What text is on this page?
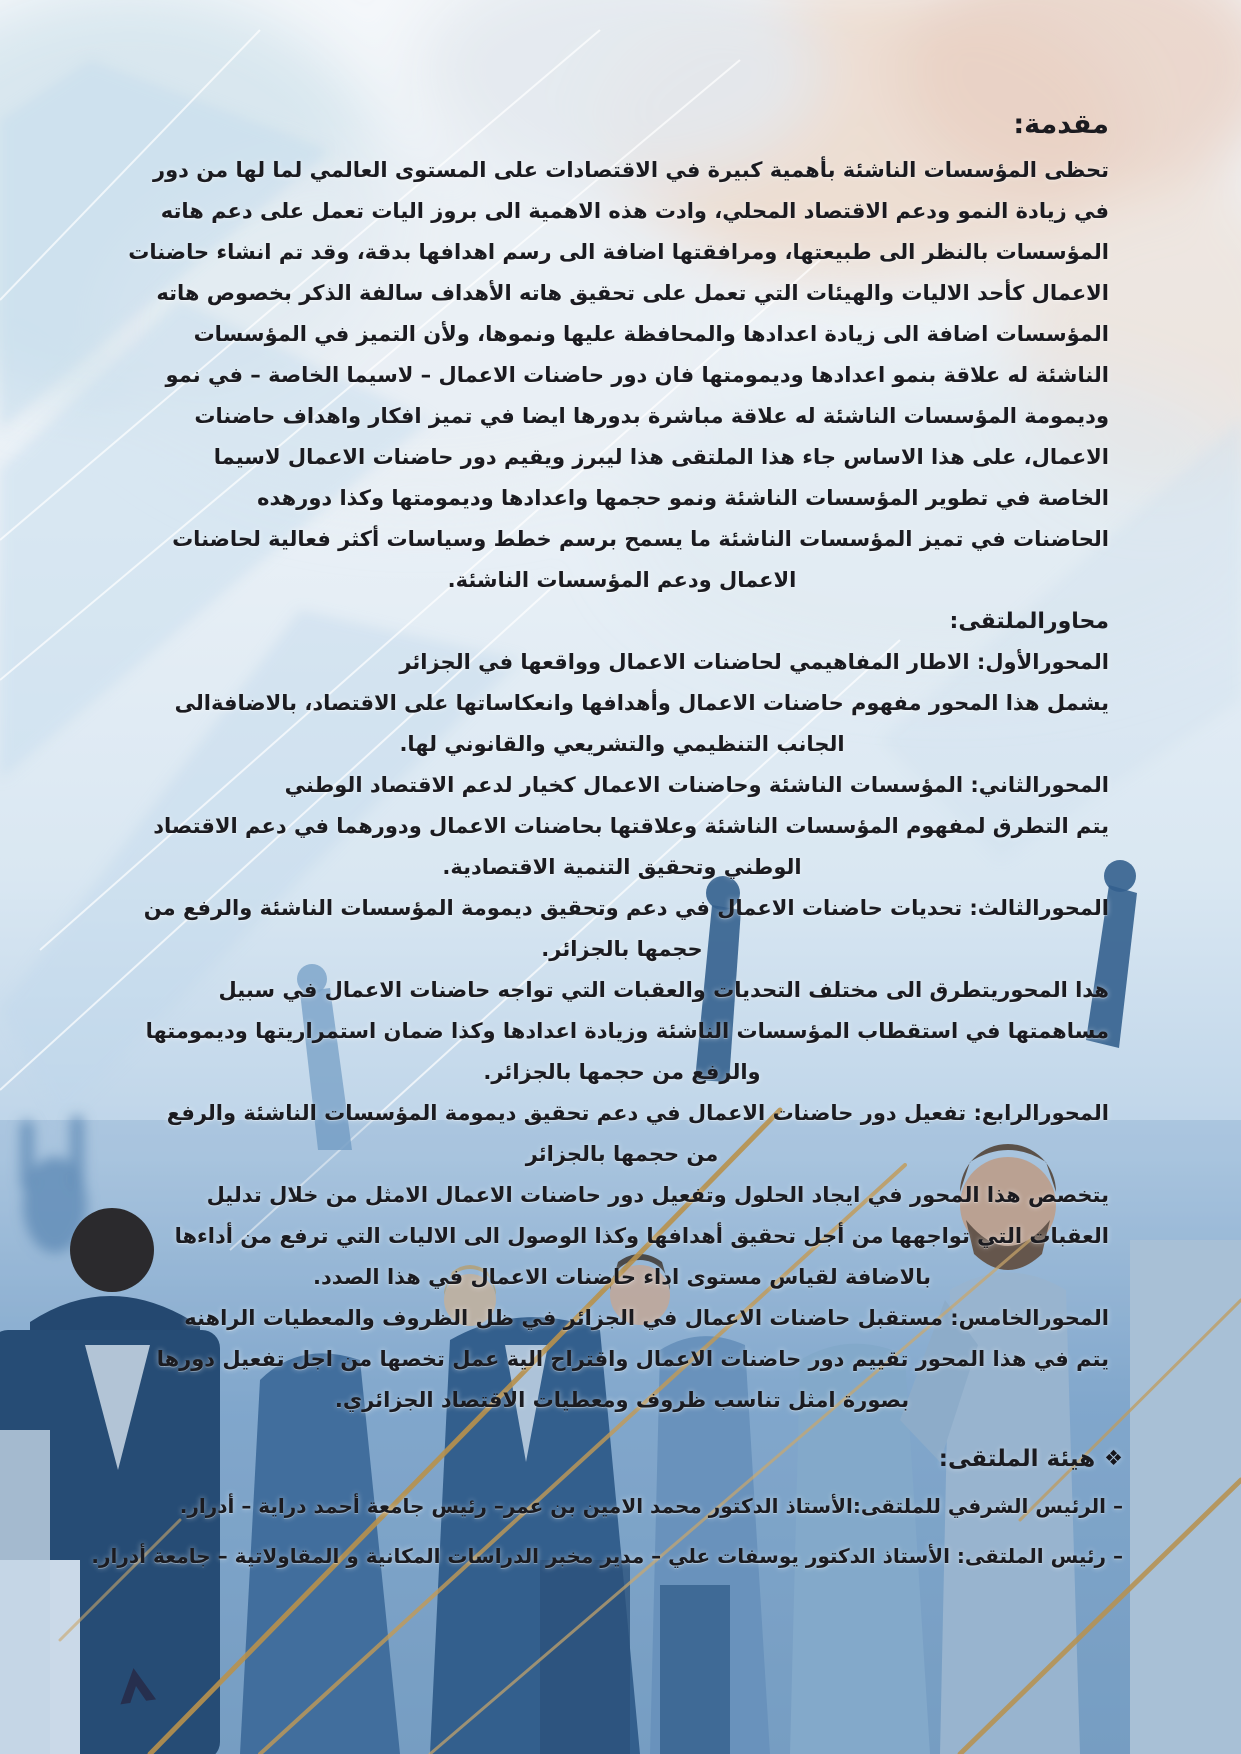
مقدمة:
تحظى المؤسسات الناشئة بأهمية كبيرة في الاقتصادات على المستوى العالمي لما لها من دور
في زيادة النمو ودعم الاقتصاد المحلي، وادت هذه الاهمية الى بروز اليات تعمل على دعم هاته
المؤسسات بالنظر الى طبيعتها، ومرافقتها اضافة الى رسم اهدافها بدقة، وقد تم انشاء حاضنات
الاعمال كأحد الاليات والهيئات التي تعمل على تحقيق هاته الأهداف سالفة الذكر بخصوص هاته
المؤسسات اضافة الى زيادة اعدادها والمحافظة عليها ونموها، ولأن التميز في المؤسسات
الناشئة له علاقة بنمو اعدادها وديمومتها فان دور حاضنات الاعمال – لاسيما الخاصة – في نمو
وديمومة المؤسسات الناشئة له علاقة مباشرة بدورها ايضا في تميز افكار واهداف حاضنات
الاعمال، على هذا الاساس جاء هذا الملتقى هذا ليبرز ويقيم دور حاضنات الاعمال لاسيما
الخاصة في تطوير المؤسسات الناشئة ونمو حجمها واعدادها وديمومتها وكذا دورهده
الحاضنات في تميز المؤسسات الناشئة ما يسمح برسم خطط وسياسات أكثر فعالية لحاضنات
الاعمال ودعم المؤسسات الناشئة.
محاورالملتقى:
المحورالأول: الاطار المفاهيمي لحاضنات الاعمال وواقعها في الجزائر
يشمل هذا المحور مفهوم حاضنات الاعمال وأهدافها وانعكاساتها على الاقتصاد، بالاضافةالى
الجانب التنظيمي والتشريعي والقانوني لها.
المحورالثاني: المؤسسات الناشئة وحاضنات الاعمال كخيار لدعم الاقتصاد الوطني
يتم التطرق لمفهوم المؤسسات الناشئة وعلاقتها بحاضنات الاعمال ودورهما في دعم الاقتصاد
الوطني وتحقيق التنمية الاقتصادية.
المحورالثالث: تحديات حاضنات الاعمال في دعم وتحقيق ديمومة المؤسسات الناشئة والرفع من
حجمها بالجزائر.
هدا المحوريتطرق الى مختلف التحديات والعقبات التي تواجه حاضنات الاعمال في سبيل
مساهمتها في استقطاب المؤسسات الناشئة وزيادة اعدادها وكذا ضمان استمراريتها وديمومتها
والرفع من حجمها بالجزائر.
المحورالرابع: تفعيل دور حاضنات الاعمال في دعم تحقيق ديمومة المؤسسات الناشئة والرفع
من حجمها بالجزائر
يتخصص هذا المحور في ايجاد الحلول وتفعيل دور حاضنات الاعمال الامثل من خلال تدليل
العقبات التي تواجهها من أجل تحقيق أهدافها وكذا الوصول الى الاليات التي ترفع من أداءها
بالاضافة لقياس مستوى اداء حاضنات الاعمال في هذا الصدد.
المحورالخامس: مستقبل حاضنات الاعمال في الجزائر في ظل الظروف والمعطيات الراهنه
يتم في هذا المحور تقييم دور حاضنات الاعمال واقتراح الية عمل تخصها من اجل تفعيل دورها
بصورة امثل تناسب ظروف ومعطيات الاقتصاد الجزائري.
❖هيئة الملتقى:
– الرئيس الشرفي للملتقى:الأستاذ الدكتور محمد الامين بن عمر– رئيس جامعة أحمد دراية – أدرار.
– رئيس الملتقى: الأستاذ الدكتور يوسفات علي – مدير مخبر الدراسات المكانية و المقاولاتية – جامعة أدرار.
